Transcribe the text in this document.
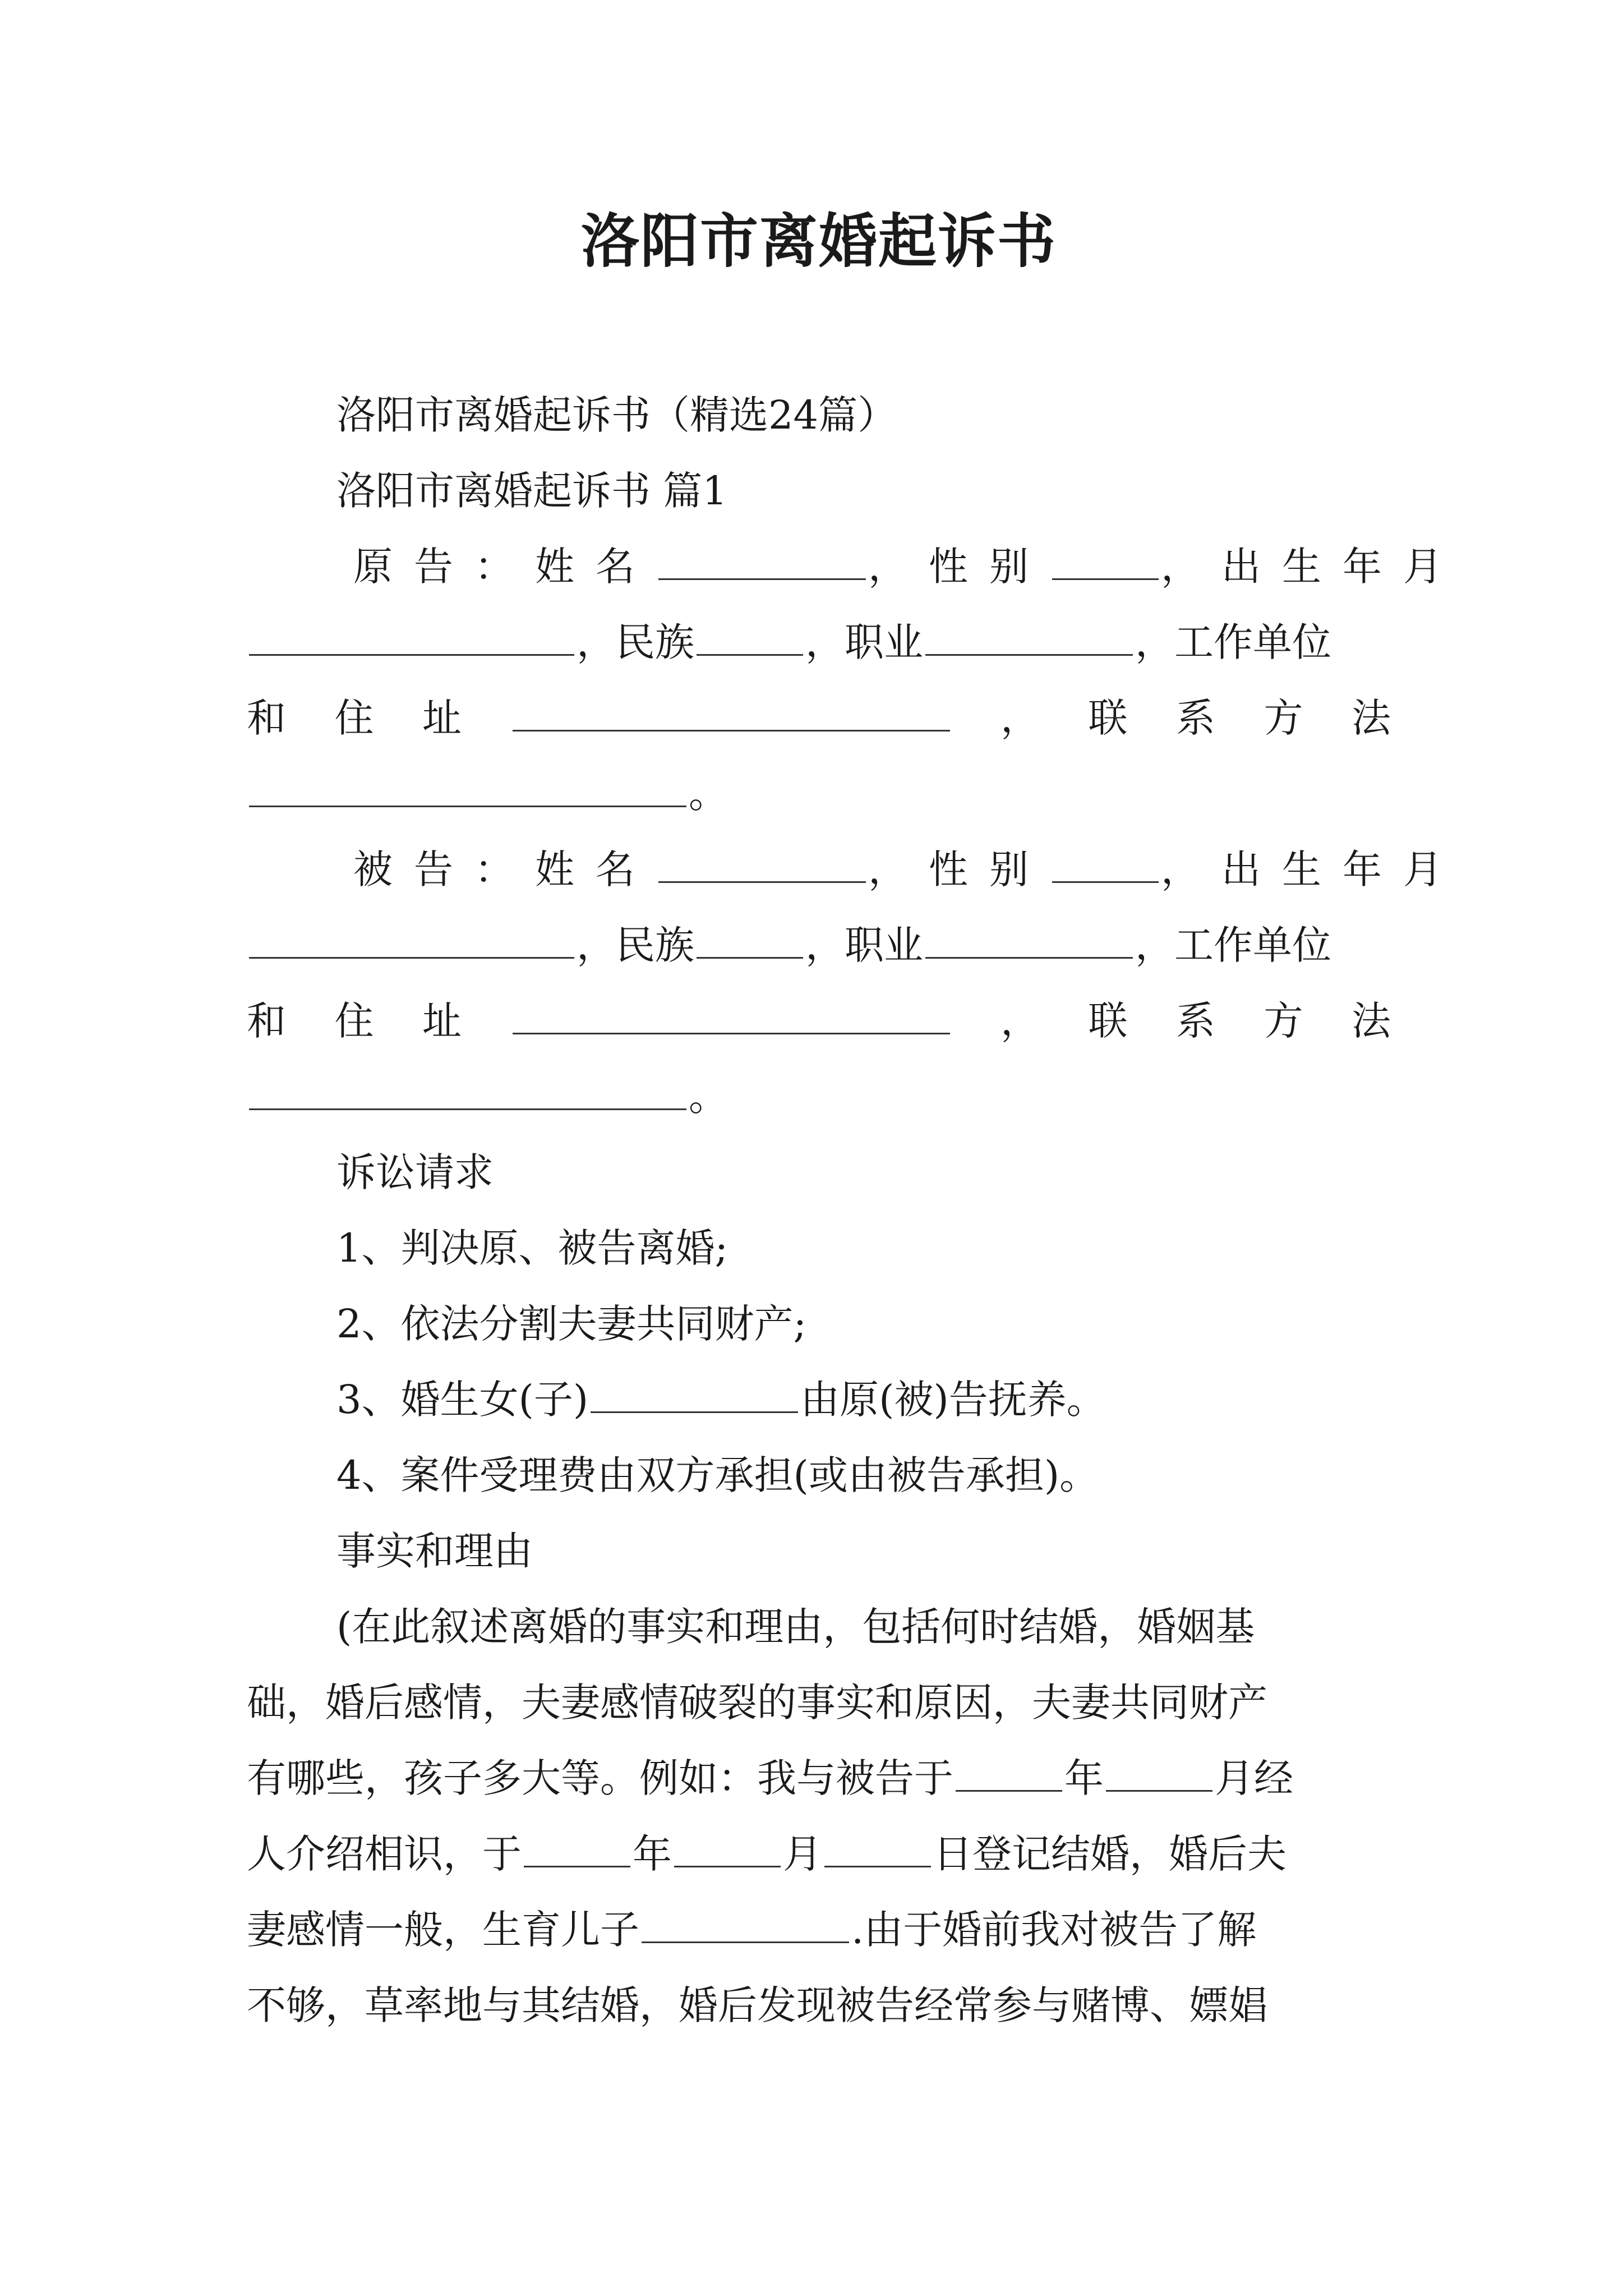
洛阳市离婚起诉书
洛阳市离婚起诉书（精选24篇）
洛阳市离婚起诉书 篇1
原告：姓名	，性别	，出生年月
，民族	，职业	，工作单位
和 住 址	， 联 系 方 法
。
被告：姓名	，性别	，出生年月
，民族	，职业	，工作单位
和 住 址	， 联 系 方 法
。
诉讼请求
1、判决原、被告离婚;
2、依法分割夫妻共同财产;
3、婚生女(子)	由原(被)告抚养。
4、案件受理费由双方承担(或由被告承担)。
事实和理由
(在此叙述离婚的事实和理由，包括何时结婚，婚姻基
础，婚后感情，夫妻感情破裂的事实和原因，夫妻共同财产
有哪些，孩子多大等。例如：我与被告于	年	月经
人介绍相识，于	年	月	日登记结婚，婚后夫
妻感情一般，生育儿子	.由于婚前我对被告了解
不够，草率地与其结婚，婚后发现被告经常参与赌博、嫖娼
